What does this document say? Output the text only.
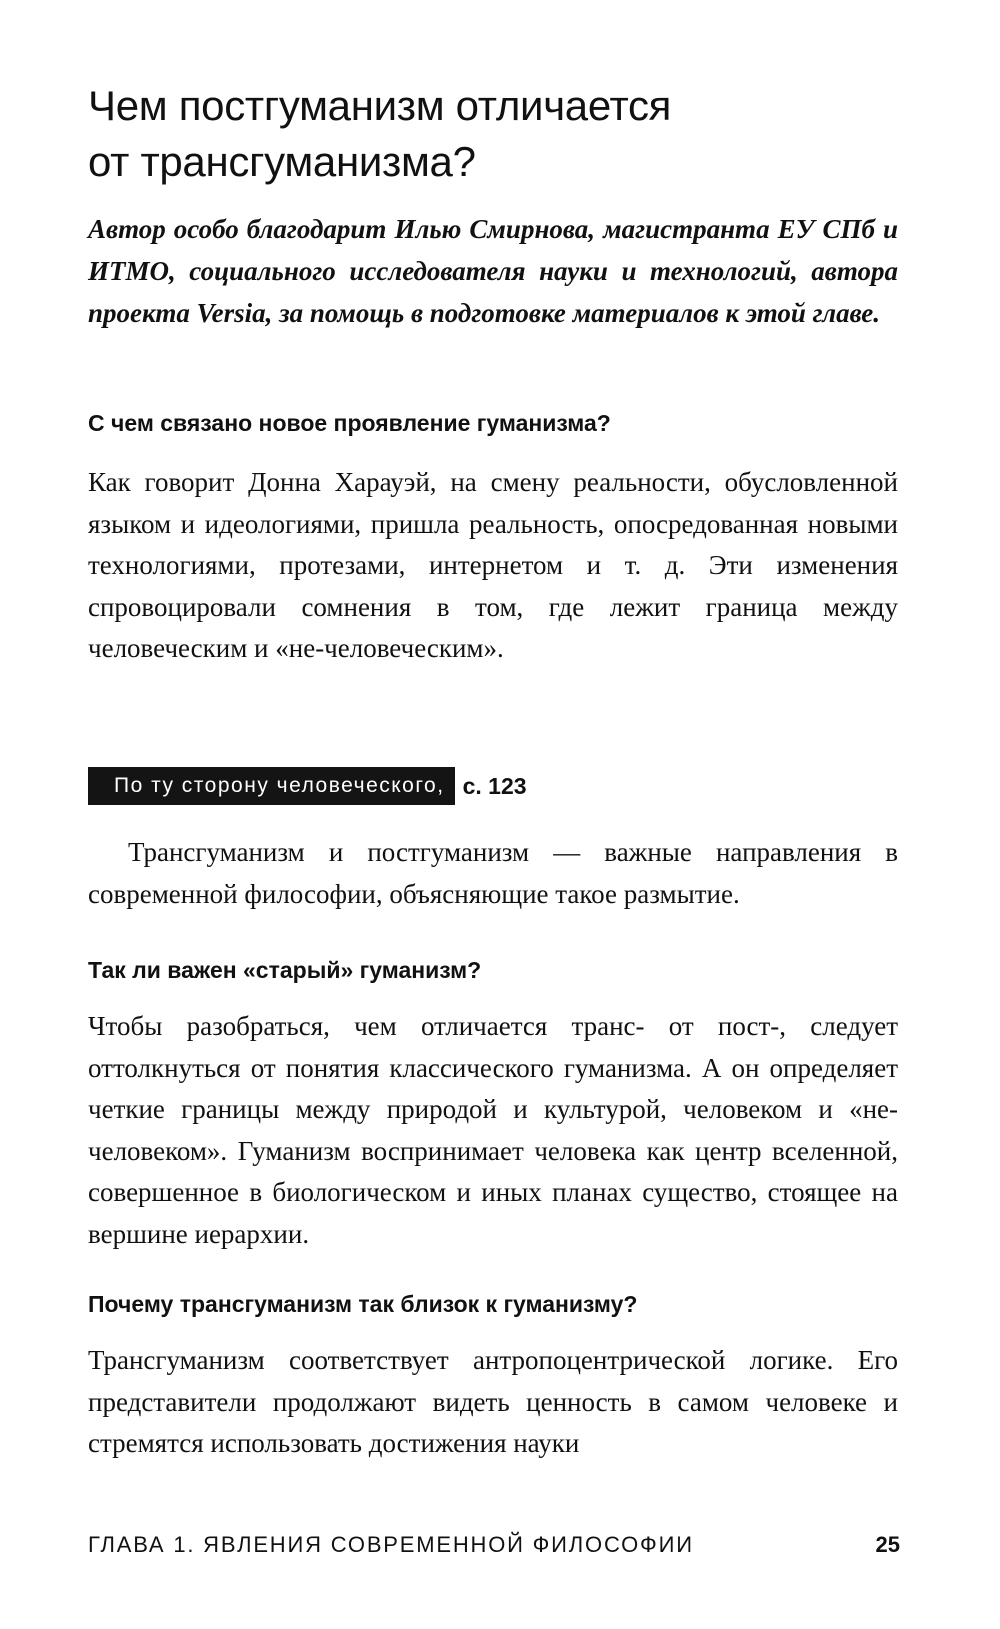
Чем постгуманизм отличается
от трансгуманизма?

Автор особо благодарит Илью Смирнова, магистранта ЕУ СПб и ИТМО, социального исследователя науки и технологий, автора проекта Versia, за помощь в подготовке материалов к этой главе.

С чем связано новое проявление гуманизма?

Как говорит Донна Харауэй, на смену реальности, обусловленной языком и идеологиями, пришла реальность, опосредованная новыми технологиями, протезами, интернетом и т. д. Эти изменения спровоцировали сомнения в том, где лежит граница между человеческим и «не-человеческим».

По ту сторону человеческого, с. 123

Трансгуманизм и постгуманизм — важные направления в современной философии, объясняющие такое размытие.

Так ли важен «старый» гуманизм?

Чтобы разобраться, чем отличается транс- от пост-, следует оттолкнуться от понятия классического гуманизма. А он определяет четкие границы между природой и культурой, человеком и «не-человеком». Гуманизм воспринимает человека как центр вселенной, совершенное в биологическом и иных планах существо, стоящее на вершине иерархии.

Почему трансгуманизм так близок к гуманизму?

Трансгуманизм соответствует антропоцентрической логике. Его представители продолжают видеть ценность в самом человеке и стремятся использовать достижения науки

ГЛАВА 1. ЯВЛЕНИЯ СОВРЕМЕННОЙ ФИЛОСОФИИ	25
